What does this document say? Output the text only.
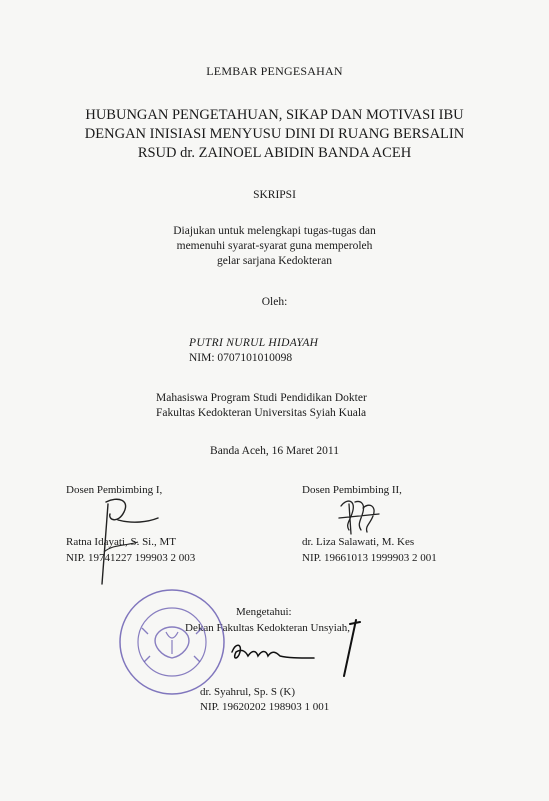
LEMBAR PENGESAHAN
HUBUNGAN PENGETAHUAN, SIKAP DAN MOTIVASI IBU
DENGAN INISIASI MENYUSU DINI DI RUANG BERSALIN
RSUD dr. ZAINOEL ABIDIN BANDA ACEH
SKRIPSI
Diajukan untuk melengkapi tugas-tugas dan
memenuhi syarat-syarat guna memperoleh
gelar sarjana Kedokteran
Oleh:
PUTRI NURUL HIDAYAH
NIM: 0707101010098
Mahasiswa Program Studi Pendidikan Dokter
Fakultas Kedokteran Universitas Syiah Kuala
Banda Aceh, 16 Maret 2011
Dosen Pembimbing I,
Ratna Idayati, S. Si., MT
NIP. 19741227 199903 2 003
Dosen Pembimbing II,
dr. Liza Salawati, M. Kes
NIP. 19661013 1999903 2 001
Mengetahui:
Dekan Fakultas Kedokteran Unsyiah,
dr. Syahrul, Sp. S (K)
NIP. 19620202 198903 1 001
